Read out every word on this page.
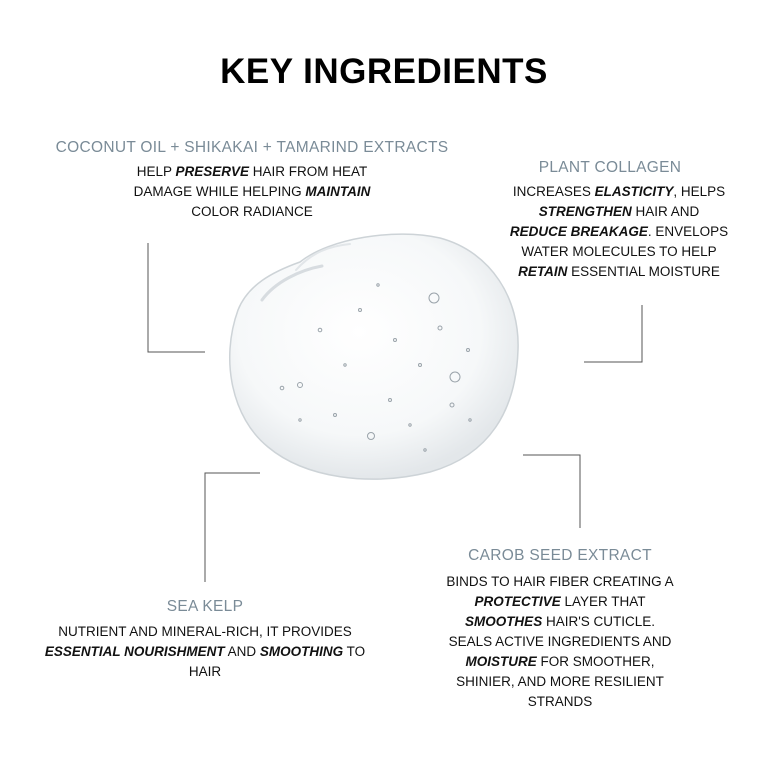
KEY INGREDIENTS
COCONUT OIL + SHIKAKAI + TAMARIND EXTRACTS
HELP PRESERVE HAIR FROM HEAT
DAMAGE WHILE HELPING MAINTAIN
COLOR RADIANCE
PLANT COLLAGEN
INCREASES ELASTICITY, HELPS
STRENGTHEN HAIR AND
REDUCE BREAKAGE. ENVELOPS
WATER MOLECULES TO HELP
RETAIN ESSENTIAL MOISTURE
SEA KELP
NUTRIENT AND MINERAL-RICH, IT PROVIDES
ESSENTIAL NOURISHMENT AND SMOOTHING TO
HAIR
CAROB SEED EXTRACT
BINDS TO HAIR FIBER CREATING A
PROTECTIVE LAYER THAT
SMOOTHES HAIR'S CUTICLE.
SEALS ACTIVE INGREDIENTS AND
MOISTURE FOR SMOOTHER,
SHINIER, AND MORE RESILIENT
STRANDS
